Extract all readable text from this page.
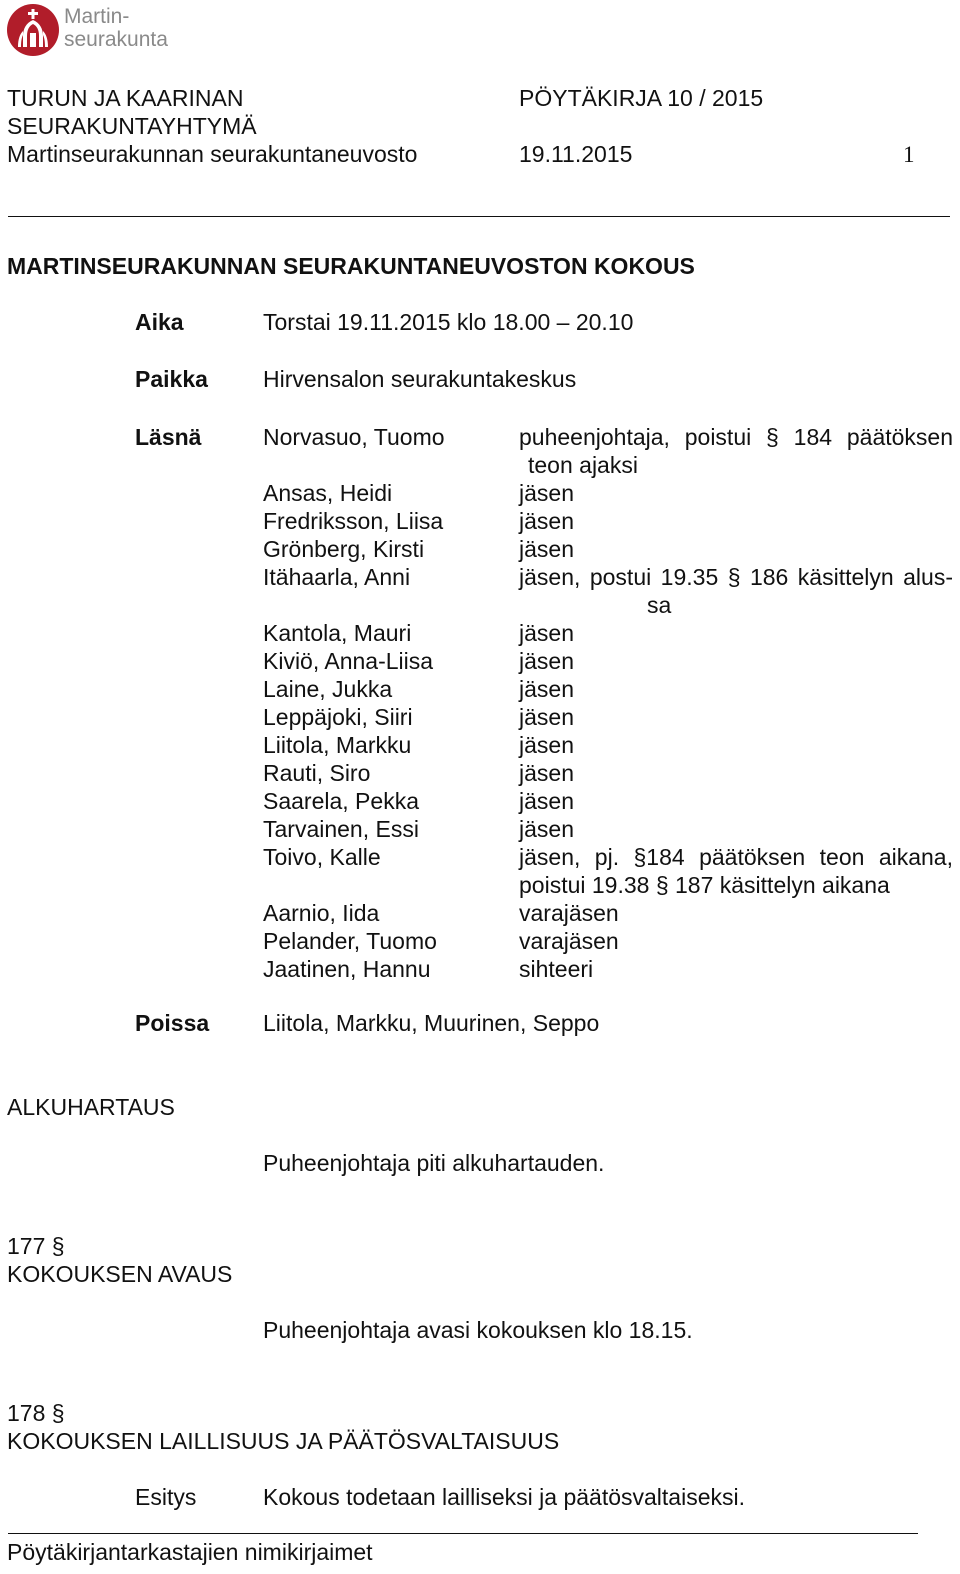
Martin-
seurakunta
TURUN JA KAARINAN
SEURAKUNTAYHTYMÄ
Martinseurakunnan seurakuntaneuvosto
PÖYTÄKIRJA 10 / 2015
19.11.2015	1
MARTINSEURAKUNNAN SEURAKUNTANEUVOSTON KOKOUS
Aika	Torstai 19.11.2015 klo 18.00 – 20.10
Paikka Hirvensalon seurakuntakeskus
Läsnä	Norvasuo, Tuomo	puheenjohtaja, poistui § 184 päätöksen
teon ajaksi
Ansas, Heidi	jäsen
Fredriksson, Liisa	jäsen
Grönberg, Kirsti	jäsen
Itähaarla, Anni	jäsen, postui 19.35 § 186 käsittelyn alus-
sa
Kantola, Mauri	jäsen
Kiviö, Anna-Liisa	jäsen
Laine, Jukka	jäsen
Leppäjoki, Siiri	jäsen
Liitola, Markku	jäsen
Rauti, Siro	jäsen
Saarela, Pekka	jäsen
Tarvainen, Essi	jäsen
Toivo, Kalle	jäsen, pj. §184 päätöksen teon aikana,
poistui 19.38 § 187 käsittelyn aikana
Aarnio, Iida	varajäsen
Pelander, Tuomo	varajäsen
Jaatinen, Hannu	sihteeri
Poissa Liitola, Markku, Muurinen, Seppo
ALKUHARTAUS
Puheenjohtaja piti alkuhartauden.
177 §
KOKOUKSEN AVAUS
Puheenjohtaja avasi kokouksen klo 18.15.
178 §
KOKOUKSEN LAILLISUUS JA PÄÄTÖSVALTAISUUS
Esitys	Kokous todetaan lailliseksi ja päätösvaltaiseksi.
Pöytäkirjantarkastajien nimikirjaimet
